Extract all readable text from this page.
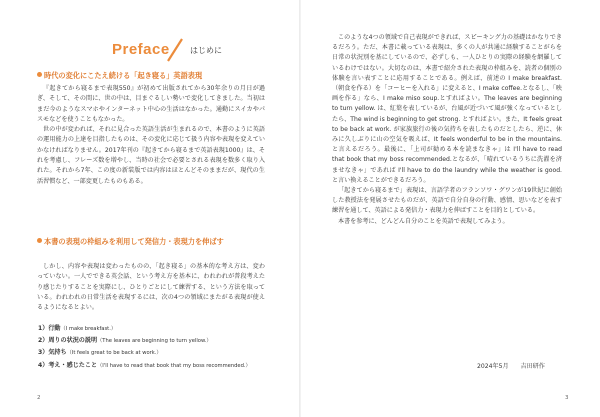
Preface	はじめに
時代の変化にこたえ続ける「起き寝る」英語表現

『起きてから寝るまで表現550』が初めて出版されてから30年余りの月日が過ぎ、そして、その間に、世の中は、目まぐるしい勢いで変化してきました。当初はまだ今のようなスマホやインターネット中心の生活はなかった。通勤にスイカやパスモなどを使うこともなかった。

世の中が変われば、それに見合った英語生活が生まれるので、本書のように英語の運用能力の上達を目指したものは、その変化に応じて扱う内容や表現を変えていかなければなりません。2017年刊の『起きてから寝るまで英語表現1000』は、それを考慮し、フレーズ数を増やし、当時の社会で必要とされる表現を数多く取り入れた。それから7年、この度の新装版では内容はほとんどそのままだが、現代の生活習慣など、一部変更したものもある。

本書の表現の枠組みを利用して発信力・表現力を伸ばす

しかし、内容や表現は変わったものの、「起き寝る」の基本的な考え方は、変わっていない。一人でできる英会話、という考え方を基本に、われわれが普段考えたり感じたりすることを実際にし、ひとりごとにして練習する、という方法を取っている。われわれの日常生活を表現するには、次の4つの領域にまたがる表現が使えるようになるとよい。

1）行動（I make breakfast.）
2）周りの状況の説明（The leaves are beginning to turn yellow.）
3）気持ち（It feels great to be back at work.）
4）考え・感じたこと（I'll have to read that book that my boss recommended.）
2	3

このような4つの領域で自己表現ができれば、スピーキング力の基礎はかなりできるだろう。ただ、本書に載っている表現は、多くの人が共通に経験することがらを日常の状況別を基にしているので、必ずしも、一人ひとりの実際の経験を網羅しているわけではない。大切なのは、本書で紹介された表現の枠組みを、読者の個別の体験を言い表すことに応用することである。例えば、前述の I make breakfast.（朝食を作る）を「コーヒーを入れる」に変えると、I make coffee.となるし、「映画を作る」なら、I make miso soup.とすればよい。The leaves are beginning to turn yellow. は、紅葉を表しているが、台風が近づいて風が強くなっているとしたら、The wind is beginning to get strong. とすればよい。また、It feels great to be back at work. が家族旅行の後の気持ちを表したものだとしたら、逆に、休みに久しぶりに山の空気を吸えば、It feels wonderful to be in the mountains. と言えるだろう。最後に、「上司が勧める本を読まなきゃ」は I'll have to read that book that my boss recommended.となるが、「晴れているうちに洗濯を済ませなきゃ」であれば I'll have to do the laundry while the weather is good. と言い換えることができるだろう。

「起きてから寝るまで」表現は、言語学者のフランソワ・グワンが19世紀に創始した教授法を発展させたものだが、英語で自分自身の行動、感情、思いなどを表す練習を通して、英語による発信力・表現力を伸ばすことを目的としている。

本書を参考に、どんどん自分のことを英語で表現してみよう。

2024年5月 吉田研作
